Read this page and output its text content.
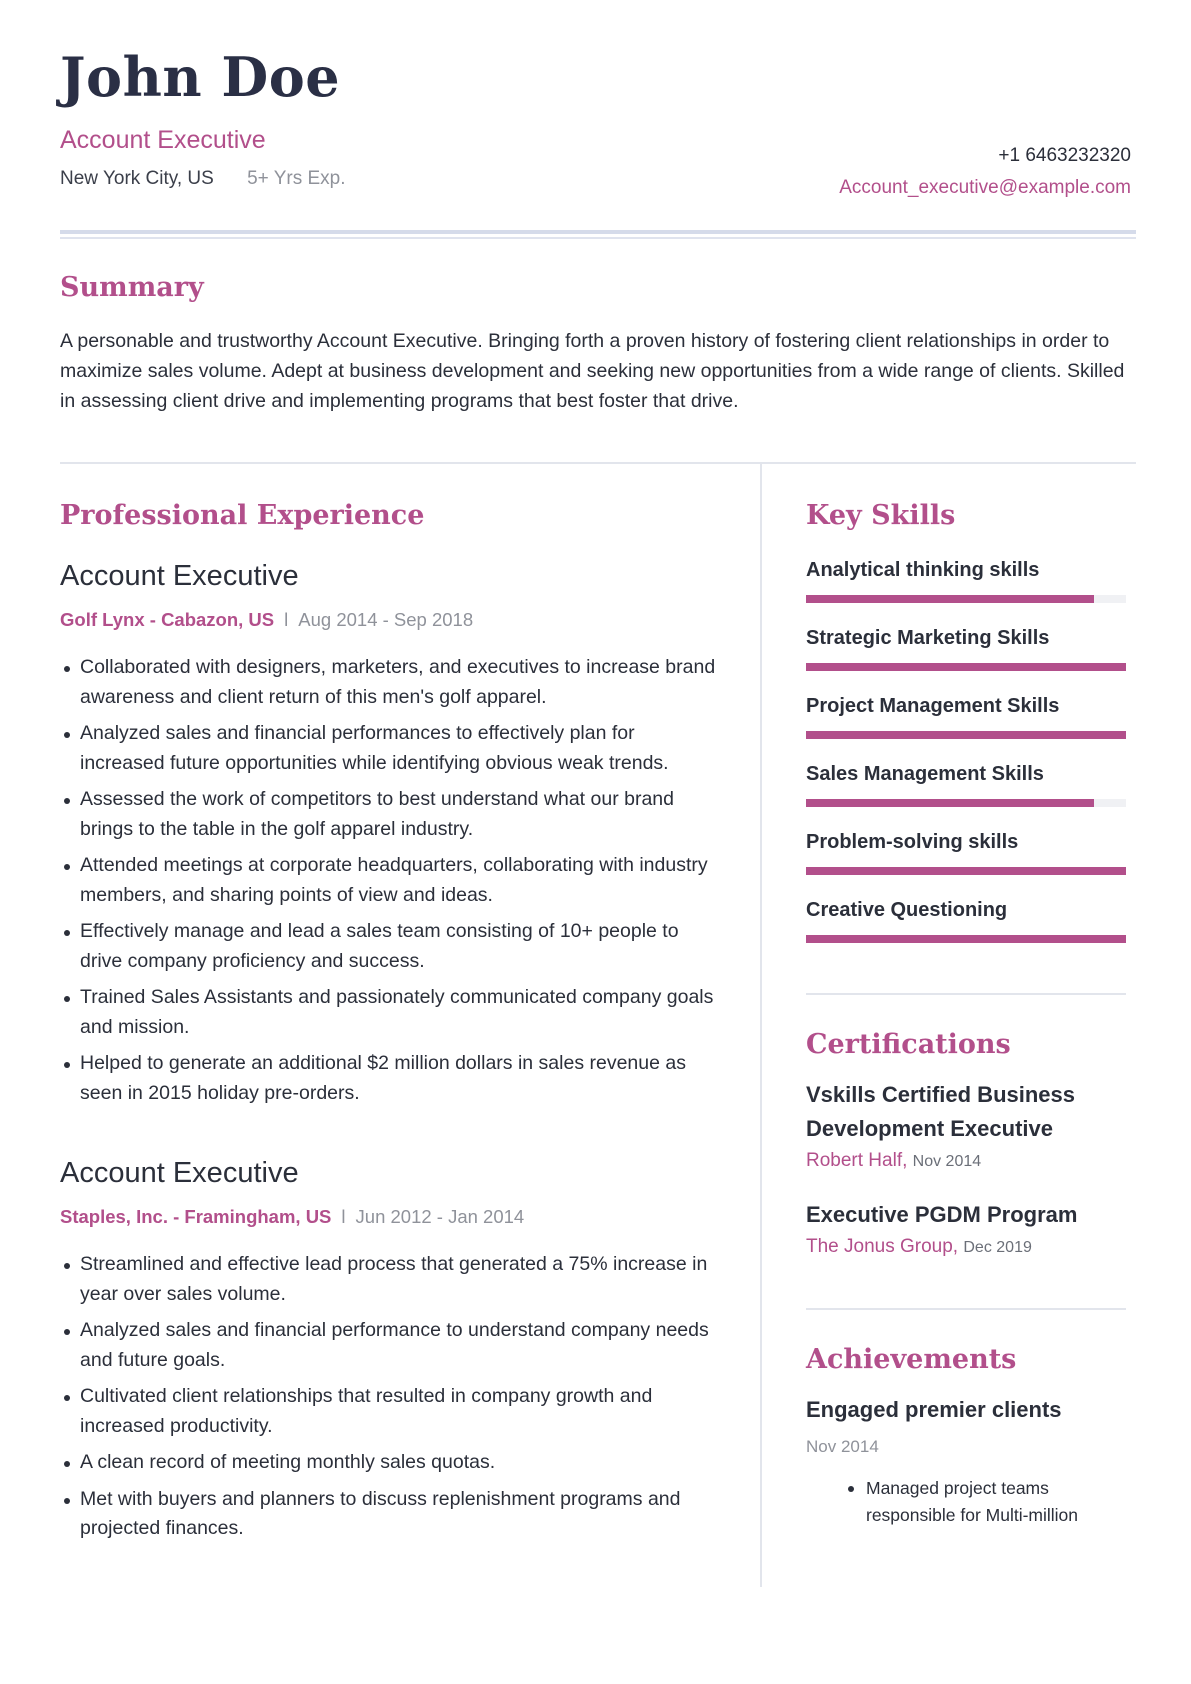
John Doe
Account Executive
New York City, US 5+ Yrs Exp.
+1 6463232320
Account_executive@example.com
Summary
A personable and trustworthy Account Executive. Bringing forth a proven history of fostering client relationships in order to maximize sales volume. Adept at business development and seeking new opportunities from a wide range of clients. Skilled in assessing client drive and implementing programs that best foster that drive.
Professional Experience
Account Executive
Golf Lynx - Cabazon, US l Aug 2014 - Sep 2018
Collaborated with designers, marketers, and executives to increase brand awareness and client return of this men's golf apparel.
Analyzed sales and financial performances to effectively plan for increased future opportunities while identifying obvious weak trends.
Assessed the work of competitors to best understand what our brand brings to the table in the golf apparel industry.
Attended meetings at corporate headquarters, collaborating with industry members, and sharing points of view and ideas.
Effectively manage and lead a sales team consisting of 10+ people to drive company proficiency and success.
Trained Sales Assistants and passionately communicated company goals and mission.
Helped to generate an additional $2 million dollars in sales revenue as seen in 2015 holiday pre-orders.
Account Executive
Staples, Inc. - Framingham, US l Jun 2012 - Jan 2014
Streamlined and effective lead process that generated a 75% increase in year over sales volume.
Analyzed sales and financial performance to understand company needs and future goals.
Cultivated client relationships that resulted in company growth and increased productivity.
A clean record of meeting monthly sales quotas.
Met with buyers and planners to discuss replenishment programs and projected finances.
Key Skills
Analytical thinking skills
Strategic Marketing Skills
Project Management Skills
Sales Management Skills
Problem-solving skills
Creative Questioning
Certifications
Vskills Certified Business Development Executive
Robert Half, Nov 2014
Executive PGDM Program
The Jonus Group, Dec 2019
Achievements
Engaged premier clients
Nov 2014
Managed project teams responsible for Multi-million
